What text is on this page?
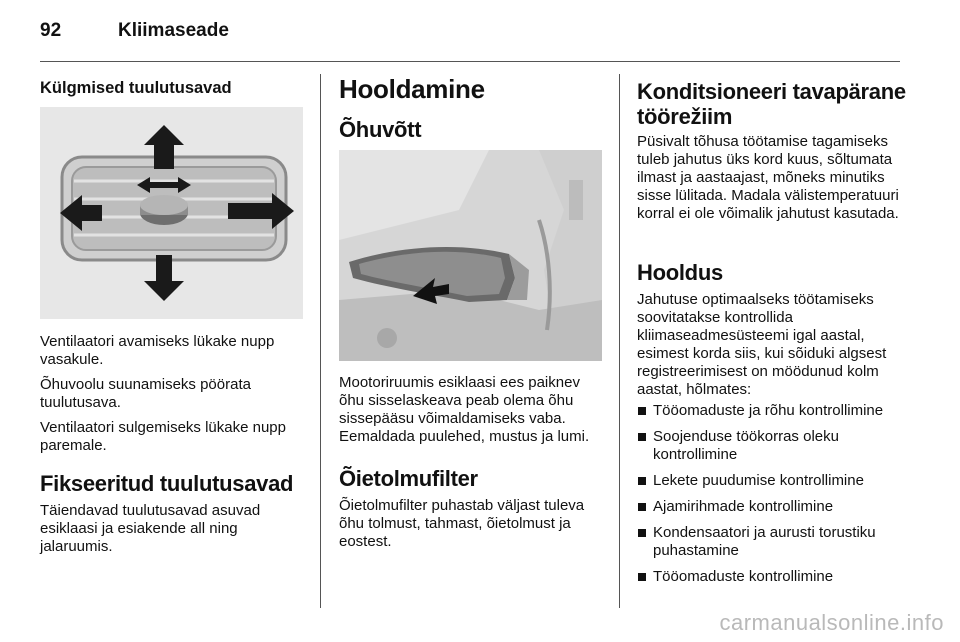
92	Kliimaseade
Külgmised tuulutusavad

Ventilaatori avamiseks lükake nupp vasakule.

Õhuvoolu suunamiseks pöörata tuulutusava.

Ventilaatori sulgemiseks lükake nupp paremale.

Fikseeritud tuulutusavad
Täiendavad tuulutusavad asuvad esiklaasi ja esiakende all ning jalaruumis.
Hooldamine
Õhuvõtt
Mootoriruumis esiklaasi ees paiknev õhu sisselaskeava peab olema õhu sissepääsu võimaldamiseks vaba. Eemaldada puulehed, mustus ja lumi.
Õietolmufilter
Õietolmufilter puhastab väljast tuleva õhu tolmust, tahmast, õietolmust ja eostest.
Konditsioneeri tavapärane töörežiim
Püsivalt tõhusa töötamise tagamiseks tuleb jahutus üks kord kuus, sõltumata ilmast ja aastaajast, mõneks minutiks sisse lülitada. Madala välistemperatuuri korral ei ole võimalik jahutust kasutada.
Hooldus
Jahutuse optimaalseks töötamiseks soovitatakse kontrollida kliimaseadmesüsteemi igal aastal, esimest korda siis, kui sõiduki algsest registreerimisest on möödunud kolm aastat, hõlmates:
Tööomaduste ja rõhu kontrollimine
Soojenduse töökorras oleku kontrollimine
Lekete puudumise kontrollimine
Ajamirihmade kontrollimine
Kondensaatori ja aurusti torustiku puhastamine
Tööomaduste kontrollimine
carmanualsonline.info
